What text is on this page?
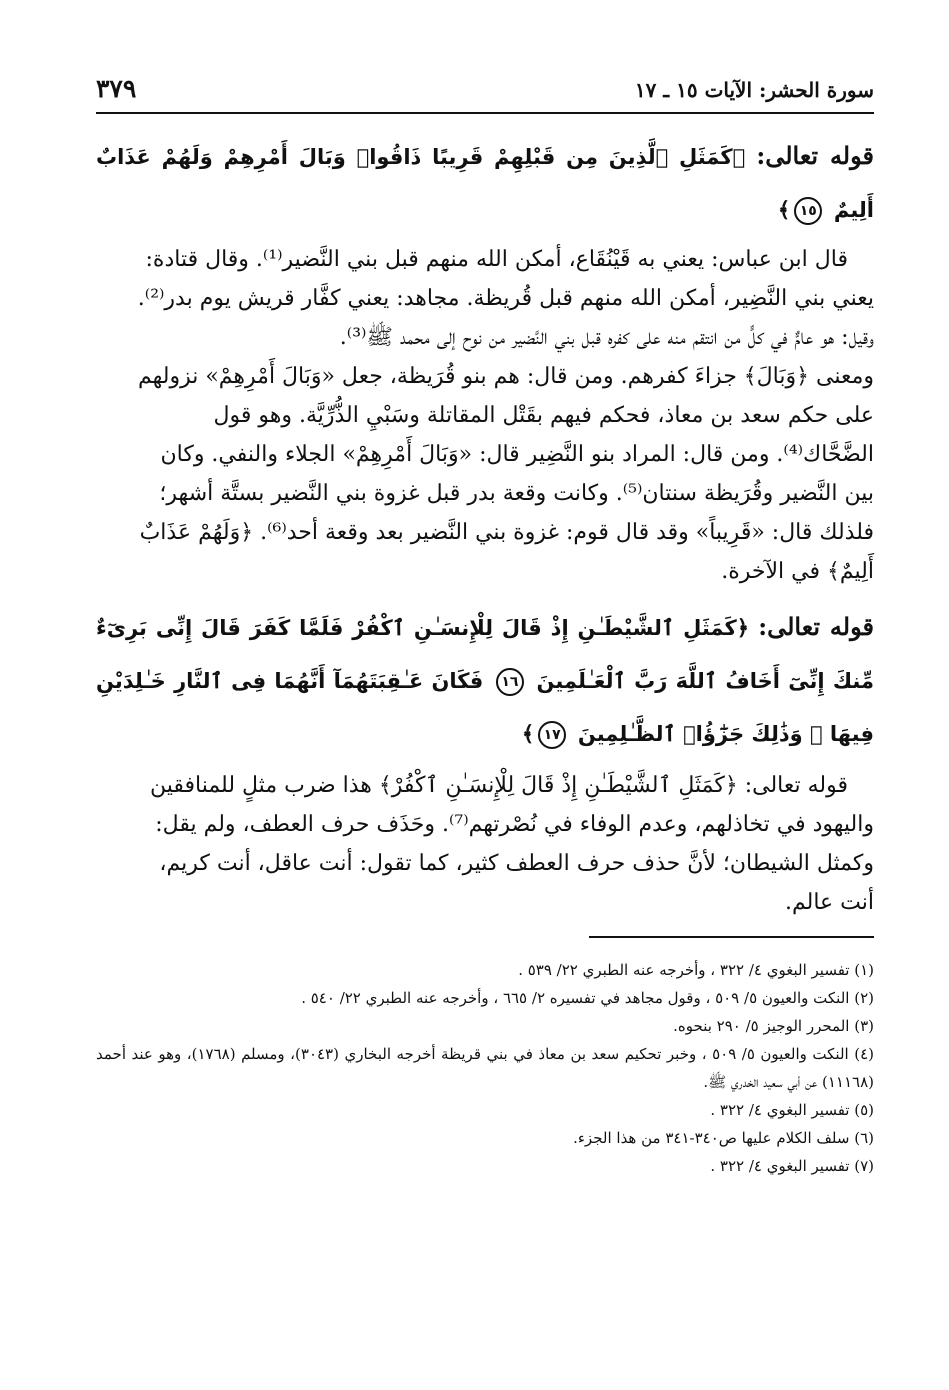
سورة الحشر: الآيات ١٥ ـ ١٧
٣٧٩

قوله تعالى: ﴿كَمَثَلِ ٱلَّذِينَ مِن قَبْلِهِمْ قَرِيبًا ذَاقُوا۟ وَبَالَ أَمْرِهِمْ وَلَهُمْ عَذَابٌ أَلِيمٌ ١٥﴾

قال ابن عباس: يعني به قَيْنُقَاع، أمكن الله منهم قبل بني النَّضير⁽¹⁾. وقال قتادة:

يعني بني النَّضِير، أمكن الله منهم قبل قُريظة. مجاهد: يعني كفَّار قريش يوم بدر⁽²⁾.

وقيل: هو عامٌّ في كلٍّ من انتقم منه على كفره قبل بني النَّضير من نوح إلى محمد ﷺ⁽³⁾.

ومعنى ﴿وَبَالَ﴾ جزاءَ كفرهم. ومن قال: هم بنو قُرَيظة، جعل «وَبَالَ أَمْرِهِمْ» نزولهم

على حكم سعد بن معاذ، فحكم فيهم بقَتْل المقاتلة وسَبْيِ الذُّرِّيَّة. وهو قول

الضَّحَّاك⁽⁴⁾. ومن قال: المراد بنو النَّضِير قال: «وَبَالَ أَمْرِهِمْ» الجلاء والنفي. وكان

بين النَّضير وقُرَيظة سنتان⁽⁵⁾. وكانت وقعة بدر قبل غزوة بني النَّضير بستَّة أشهر؛

فلذلك قال: «قَرِيباً» وقد قال قوم: غزوة بني النَّضير بعد وقعة أحد⁽⁶⁾. ﴿وَلَهُمْ عَذَابٌ

أَلِيمٌ﴾ في الآخرة.

قوله تعالى: ﴿كَمَثَلِ ٱلشَّيْطَـٰنِ إِذْ قَالَ لِلْإِنسَـٰنِ ٱكْفُرْ فَلَمَّا كَفَرَ قَالَ إِنِّى بَرِىٓءٌ مِّنكَ إِنِّىٓ أَخَافُ ٱللَّهَ رَبَّ ٱلْعَـٰلَمِينَ ١٦ فَكَانَ عَـٰقِبَتَهُمَآ أَنَّهُمَا فِى ٱلنَّارِ خَـٰلِدَيْنِ فِيهَا ۚ وَذَٰلِكَ جَزَٰٓؤُا۟ ٱلظَّـٰلِمِينَ ١٧﴾

قوله تعالى: ﴿كَمَثَلِ ٱلشَّيْطَـٰنِ إِذْ قَالَ لِلْإِنسَـٰنِ ٱكْفُرْ﴾ هذا ضرب مثلٍ للمنافقين

واليهود في تخاذلهم، وعدم الوفاء في نُصْرتهم⁽⁷⁾. وحَذَف حرف العطف، ولم يقل:

وكمثل الشيطان؛ لأنَّ حذف حرف العطف كثير، كما تقول: أنت عاقل، أنت كريم،

أنت عالم.

(١) تفسير البغوي ٤/ ٣٢٢ ، وأخرجه عنه الطبري ٢٢/ ٥٣٩ .

(٢) النكت والعيون ٥/ ٥٠٩ ، وقول مجاهد في تفسيره ٢/ ٦٦٥ ، وأخرجه عنه الطبري ٢٢/ ٥٤٠ .

(٣) المحرر الوجيز ٥/ ٢٩٠ بنحوه.

(٤) النكت والعيون ٥/ ٥٠٩ ، وخبر تحكيم سعد بن معاذ في بني قريظة أخرجه البخاري (٣٠٤٣)، ومسلم (١٧٦٨)، وهو عند أحمد (١١١٦٨) عن أبي سعيد الخدري ﷺ.

(٥) تفسير البغوي ٤/ ٣٢٢ .

(٦) سلف الكلام عليها ص٣٤٠-٣٤١ من هذا الجزء.

(٧) تفسير البغوي ٤/ ٣٢٢ .
